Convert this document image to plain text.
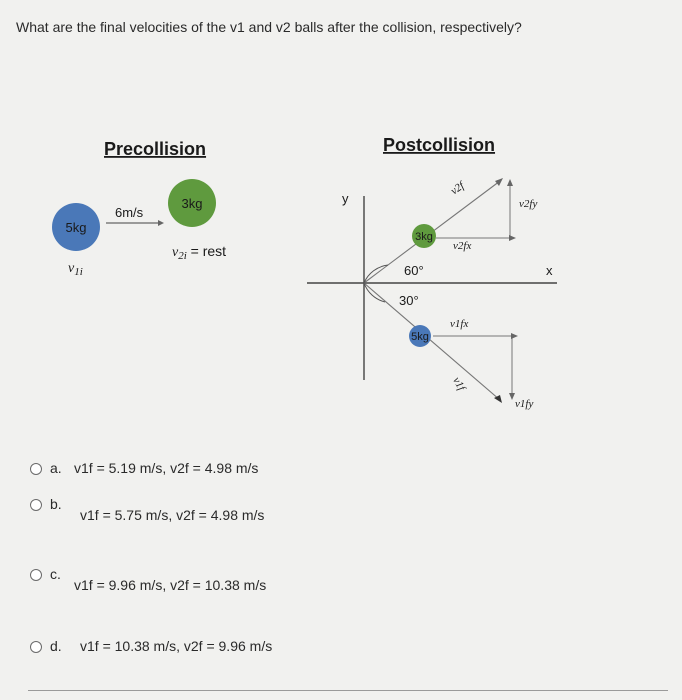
What are the final velocities of the v1 and v2 balls after the collision, respectively?

Precollision
5kg
6m/s
3kg
$v_{1i}$
$v_{2i}$ = rest
Postcollision
y
x
60°
30°
3kg
v2f
v2fy
v2fx
5kg
v1fx
v1f
v1fy
a. v1f = 5.19 m/s, v2f = 4.98 m/s
b.
v1f = 5.75 m/s, v2f = 4.98 m/s
c.
v1f = 9.96 m/s, v2f = 10.38 m/s
d.	v1f = 10.38 m/s, v2f = 9.96 m/s
